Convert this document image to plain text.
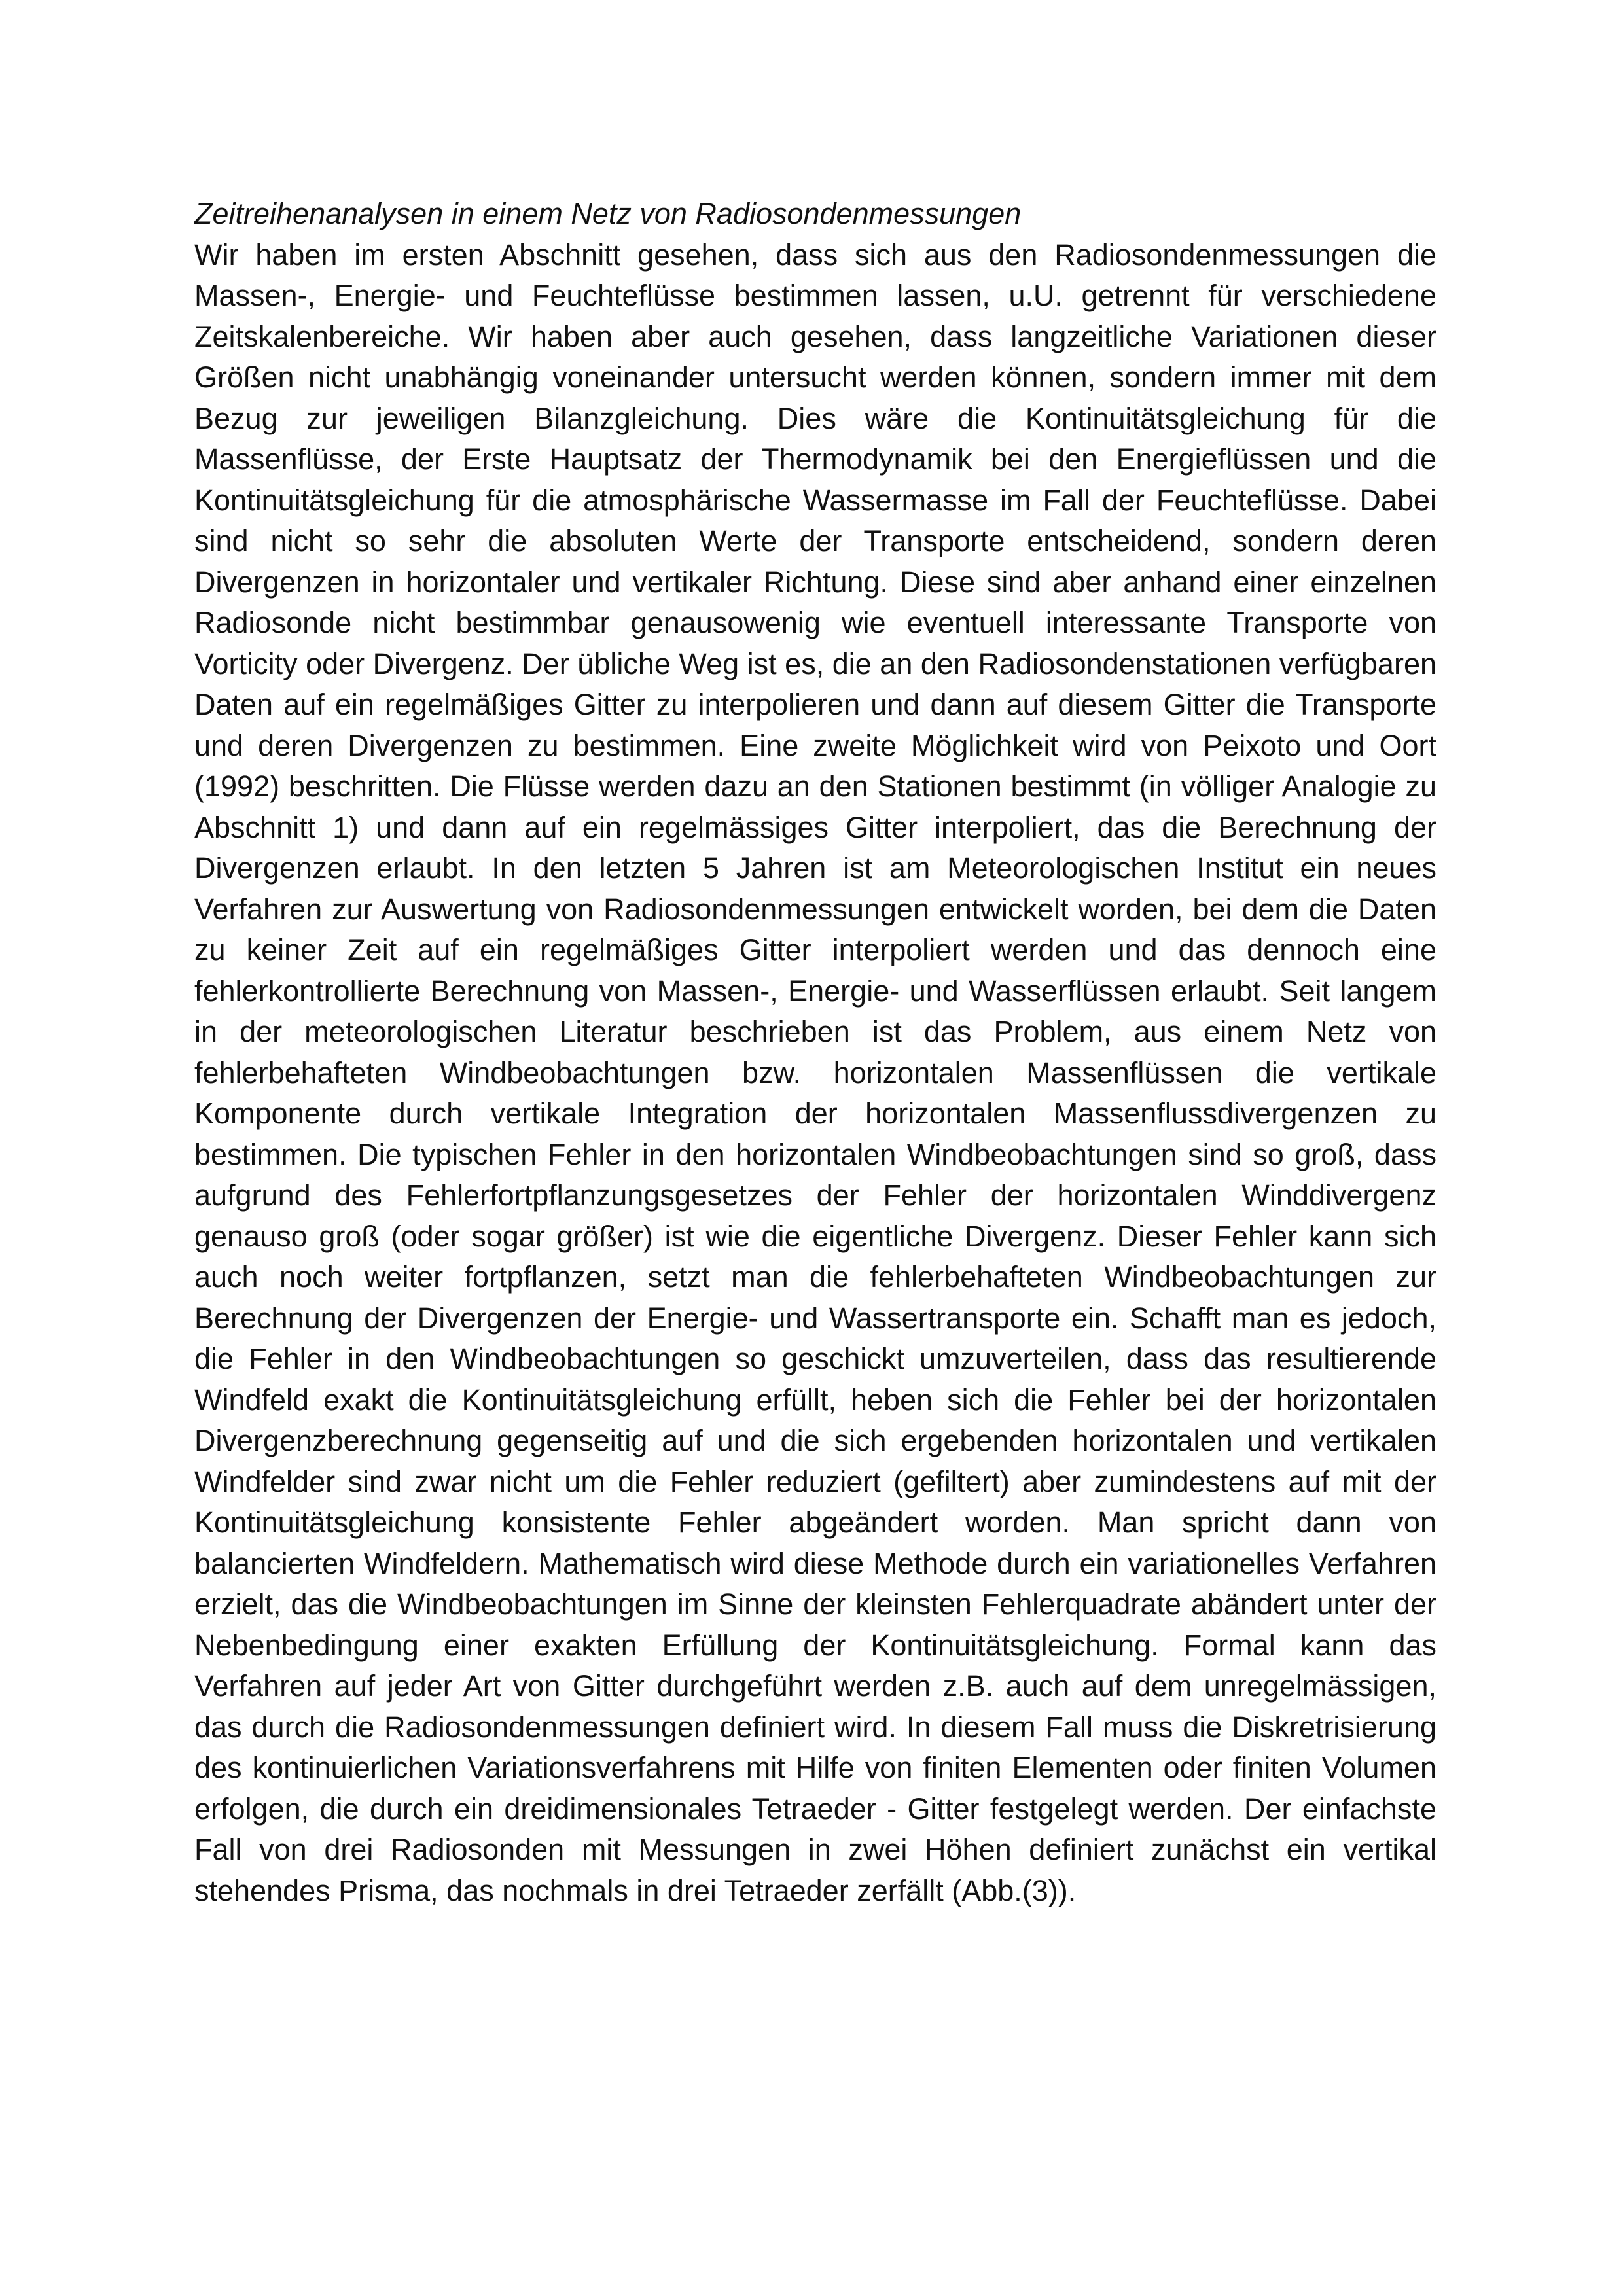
Zeitreihenanalysen in einem Netz von Radiosondenmessungen

Wir haben im ersten Abschnitt gesehen, dass sich aus den Radiosondenmessungen die Massen-, Energie- und Feuchteflüsse bestimmen lassen, u.U. getrennt für verschiedene Zeitskalenbereiche. Wir haben aber auch gesehen, dass langzeitliche Variationen dieser Größen nicht unabhängig voneinander untersucht werden können, sondern immer mit dem Bezug zur jeweiligen Bilanzgleichung. Dies wäre die Kontinuitätsgleichung für die Massenflüsse, der Erste Hauptsatz der Thermodynamik bei den Energieflüssen und die Kontinuitätsgleichung für die atmosphärische Wassermasse im Fall der Feuchteflüsse. Dabei sind nicht so sehr die absoluten Werte der Transporte entscheidend, sondern deren Divergenzen in horizontaler und vertikaler Richtung. Diese sind aber anhand einer einzelnen Radiosonde nicht bestimmbar genausowenig wie eventuell interessante Transporte von Vorticity oder Divergenz. Der übliche Weg ist es, die an den Radiosondenstationen verfügbaren Daten auf ein regelmäßiges Gitter zu interpolieren und dann auf diesem Gitter die Transporte und deren Divergenzen zu bestimmen. Eine zweite Möglichkeit wird von Peixoto und Oort (1992) beschritten. Die Flüsse werden dazu an den Stationen bestimmt (in völliger Analogie zu Abschnitt 1) und dann auf ein regelmässiges Gitter interpoliert, das die Berechnung der Divergenzen erlaubt. In den letzten 5 Jahren ist am Meteorologischen Institut ein neues Verfahren zur Auswertung von Radiosondenmessungen entwickelt worden, bei dem die Daten zu keiner Zeit auf ein regelmäßiges Gitter interpoliert werden und das dennoch eine fehlerkontrollierte Berechnung von Massen-, Energie- und Wasserflüssen erlaubt. Seit langem in der meteorologischen Literatur beschrieben ist das Problem, aus einem Netz von fehlerbehafteten Windbeobachtungen bzw. horizontalen Massenflüssen die vertikale Komponente durch vertikale Integration der horizontalen Massenflussdivergenzen zu bestimmen. Die typischen Fehler in den horizontalen Windbeobachtungen sind so groß, dass aufgrund des Fehlerfortpflanzungsgesetzes der Fehler der horizontalen Winddivergenz genauso groß (oder sogar größer) ist wie die eigentliche Divergenz. Dieser Fehler kann sich auch noch weiter fortpflanzen, setzt man die fehlerbehafteten Windbeobachtungen zur Berechnung der Divergenzen der Energie- und Wassertransporte ein. Schafft man es jedoch, die Fehler in den Windbeobachtungen so geschickt umzuverteilen, dass das resultierende Windfeld exakt die Kontinuitätsgleichung erfüllt, heben sich die Fehler bei der horizontalen Divergenzberechnung gegenseitig auf und die sich ergebenden horizontalen und vertikalen Windfelder sind zwar nicht um die Fehler reduziert (gefiltert) aber zumindestens auf mit der Kontinuitätsgleichung konsistente Fehler abgeändert worden. Man spricht dann von balancierten Windfeldern. Mathematisch wird diese Methode durch ein variationelles Verfahren erzielt, das die Windbeobachtungen im Sinne der kleinsten Fehlerquadrate abändert unter der Nebenbedingung einer exakten Erfüllung der Kontinuitätsgleichung. Formal kann das Verfahren auf jeder Art von Gitter durchgeführt werden z.B. auch auf dem unregelmässigen, das durch die Radiosondenmessungen definiert wird. In diesem Fall muss die Diskretrisierung des kontinuierlichen Variationsverfahrens mit Hilfe von finiten Elementen oder finiten Volumen erfolgen, die durch ein dreidimensionales Tetraeder - Gitter festgelegt werden. Der einfachste Fall von drei Radiosonden mit Messungen in zwei Höhen definiert zunächst ein vertikal stehendes Prisma, das nochmals in drei Tetraeder zerfällt (Abb.(3)).
